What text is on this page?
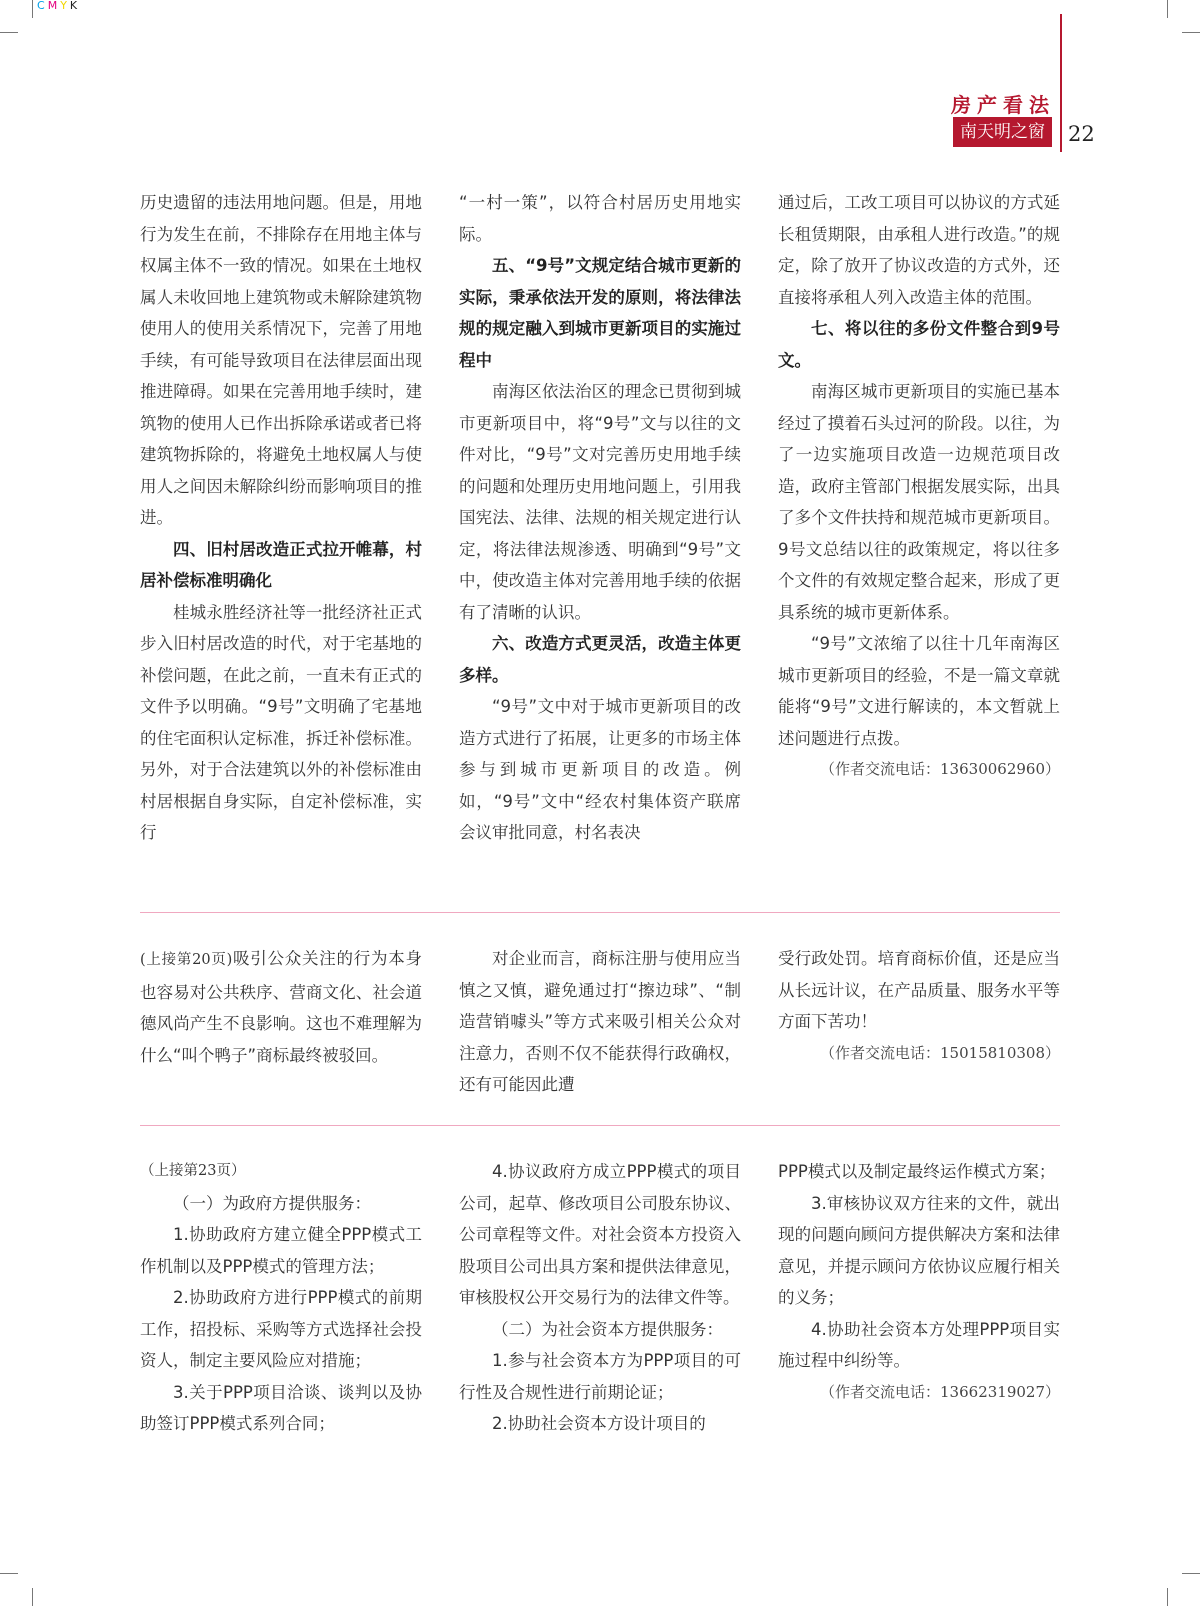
CMYK
房产看法
南天明之窗	22

历史遗留的违法用地问题。但是，用地行为发生在前，不排除存在用地主体与权属主体不一致的情况。如果在土地权属人未收回地上建筑物或未解除建筑物使用人的使用关系情况下，完善了用地手续，有可能导致项目在法律层面出现推进障碍。如果在完善用地手续时，建筑物的使用人已作出拆除承诺或者已将建筑物拆除的，将避免土地权属人与使用人之间因未解除纠纷而影响项目的推进。

四、旧村居改造正式拉开帷幕，村居补偿标准明确化

桂城永胜经济社等一批经济社正式步入旧村居改造的时代，对于宅基地的补偿问题，在此之前，一直未有正式的文件予以明确。“9号”文明确了宅基地的住宅面积认定标准，拆迁补偿标准。另外，对于合法建筑以外的补偿标准由村居根据自身实际，自定补偿标准，实行

“一村一策”，以符合村居历史用地实际。

五、“9号”文规定结合城市更新的实际，秉承依法开发的原则，将法律法规的规定融入到城市更新项目的实施过程中

南海区依法治区的理念已贯彻到城市更新项目中，将“9号”文与以往的文件对比，“9号”文对完善历史用地手续的问题和处理历史用地问题上，引用我国宪法、法律、法规的相关规定进行认定，将法律法规渗透、明确到“9号”文中，使改造主体对完善用地手续的依据有了清晰的认识。

六、改造方式更灵活，改造主体更多样。

“9号”文中对于城市更新项目的改造方式进行了拓展，让更多的市场主体参与到城市更新项目的改造。例如，“9号”文中“经农村集体资产联席会议审批同意，村名表决

通过后，工改工项目可以协议的方式延长租赁期限，由承租人进行改造。”的规定，除了放开了协议改造的方式外，还直接将承租人列入改造主体的范围。

七、将以往的多份文件整合到9号文。

南海区城市更新项目的实施已基本经过了摸着石头过河的阶段。以往，为了一边实施项目改造一边规范项目改造，政府主管部门根据发展实际，出具了多个文件扶持和规范城市更新项目。9号文总结以往的政策规定，将以往多个文件的有效规定整合起来，形成了更具系统的城市更新体系。

“9号”文浓缩了以往十几年南海区城市更新项目的经验，不是一篇文章就能将“9号”文进行解读的，本文暂就上述问题进行点拨。

（作者交流电话：13630062960）

(上接第20页)吸引公众关注的行为本身也容易对公共秩序、营商文化、社会道德风尚产生不良影响。这也不难理解为什么“叫个鸭子”商标最终被驳回。

对企业而言，商标注册与使用应当慎之又慎，避免通过打“擦边球”、“制造营销噱头”等方式来吸引相关公众对注意力，否则不仅不能获得行政确权，还有可能因此遭

受行政处罚。培育商标价值，还是应当从长远计议，在产品质量、服务水平等方面下苦功！

（作者交流电话：15015810308）

（上接第23页）

（一）为政府方提供服务：

1.协助政府方建立健全PPP模式工作机制以及PPP模式的管理方法；

2.协助政府方进行PPP模式的前期工作，招投标、采购等方式选择社会投资人，制定主要风险应对措施；

3.关于PPP项目洽谈、谈判以及协助签订PPP模式系列合同；

4.协议政府方成立PPP模式的项目公司，起草、修改项目公司股东协议、公司章程等文件。对社会资本方投资入股项目公司出具方案和提供法律意见，审核股权公开交易行为的法律文件等。

（二）为社会资本方提供服务：

1.参与社会资本方为PPP项目的可行性及合规性进行前期论证；

2.协助社会资本方设计项目的

PPP模式以及制定最终运作模式方案；

3.审核协议双方往来的文件，就出现的问题向顾问方提供解决方案和法律意见，并提示顾问方依协议应履行相关的义务；

4.协助社会资本方处理PPP项目实施过程中纠纷等。

（作者交流电话：13662319027）
